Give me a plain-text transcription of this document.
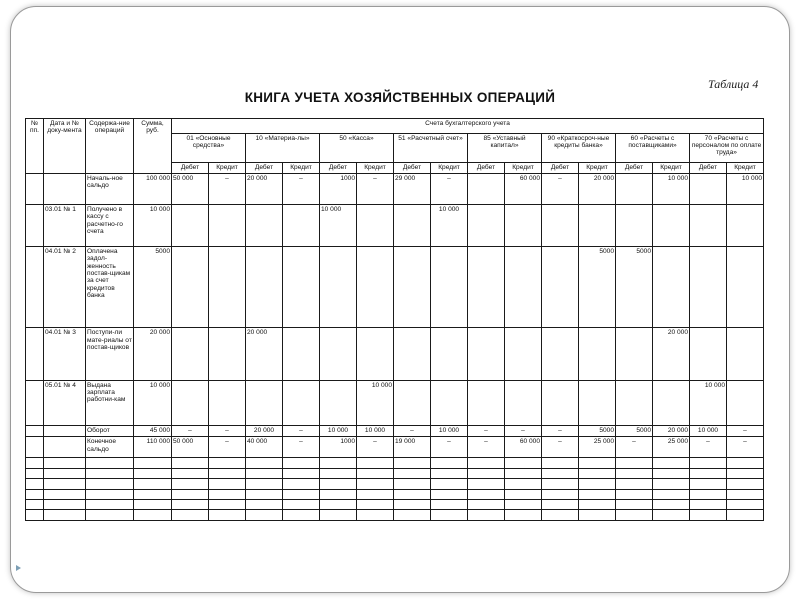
Таблица 4
КНИГА УЧЕТА ХОЗЯЙСТВЕННЫХ ОПЕРАЦИЙ
№ пп.	Дата и № доку-мента	Содержа-ние операций	Сумма, руб.	Счета бухгалтерского учета															
				01 «Основные средства»		10 «Материа-лы»		50 «Касса»		51 «Расчетный счет»		85 «Уставный капитал»		90 «Краткосроч-ные кредиты банка»		60 «Расчеты с поставщиками»		70 «Расчеты с персоналом по оплате труда»	
				Дебет	Кредит	Дебет	Кредит	Дебет	Кредит	Дебет	Кредит	Дебет	Кредит	Дебет	Кредит	Дебет	Кредит	Дебет	Кредит
		Началь-ное сальдо	100 000	50 000	–	20 000	–	1000	–	29 000	–		60 000	–	20 000		10 000		10 000
	03.01 № 1	Получено в кассу с расчетно-го счета	10 000					10 000			10 000								
	04.01 № 2	Оплачена задол-женность постав-щикам за счет кредитов банка	5000												5000	5000			
	04.01 № 3	Поступи-ли мате-риалы от постав-щиков	20 000			20 000											20 000		
	05.01 № 4	Выдана зарплата работни-кам	10 000						10 000									10 000	
		Оборот	45 000	–	–	20 000	–	10 000	10 000	–	10 000	–	–	–	5000	5000	20 000	10 000	–
		Конечное сальдо	110 000	50 000	–	40 000	–	1000	–	19 000	–	–	60 000	–	25 000	–	25 000	–	–
